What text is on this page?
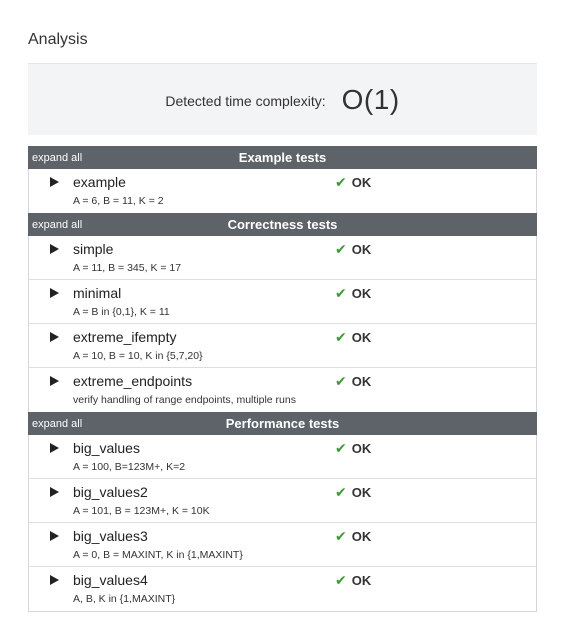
Analysis
Detected time complexity: O(1)
expand all	Example tests
example
A = 6, B = 11, K = 2
✔ OK
expand all	Correctness tests
simple
A = 11, B = 345, K = 17
✔ OK
minimal
A = B in {0,1}, K = 11
✔ OK
extreme_ifempty
A = 10, B = 10, K in {5,7,20}
✔ OK
extreme_endpoints
verify handling of range endpoints, multiple runs
✔ OK
expand all	Performance tests
big_values
A = 100, B=123M+, K=2
✔ OK
big_values2
A = 101, B = 123M+, K = 10K
✔ OK
big_values3
A = 0, B = MAXINT, K in {1,MAXINT}
✔ OK
big_values4
A, B, K in {1,MAXINT}
✔ OK
